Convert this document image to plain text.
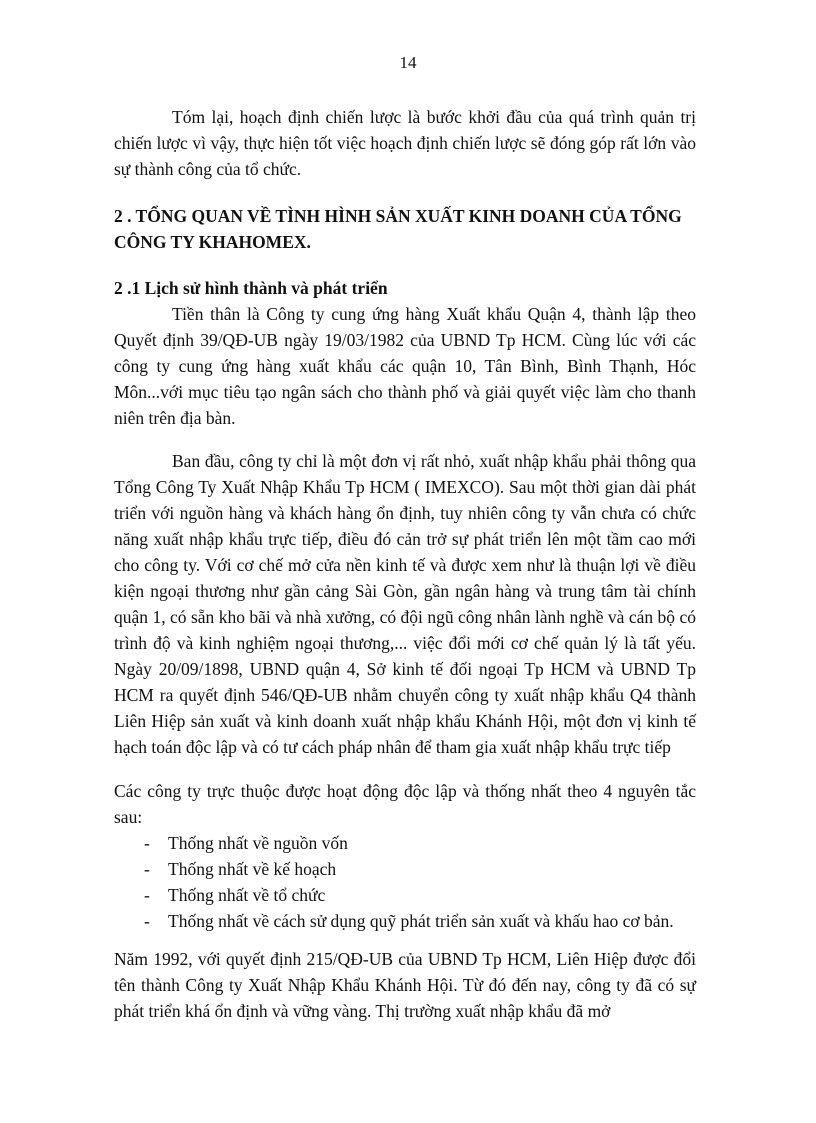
14

Tóm lại, hoạch định chiến lược là bước khởi đầu của quá trình quản trị chiến lược vì vậy, thực hiện tốt việc hoạch định chiến lược sẽ đóng góp rất lớn vào sự thành công của tổ chức.

2 . TỔNG QUAN VỀ TÌNH HÌNH SẢN XUẤT KINH DOANH CỦA TỔNG CÔNG TY KHAHOMEX.

2 .1 Lịch sử hình thành và phát triển

Tiền thân là Công ty cung ứng hàng Xuất khẩu Quận 4, thành lập theo Quyết định 39/QĐ-UB ngày 19/03/1982 của UBND Tp HCM. Cùng lúc với các công ty cung ứng hàng xuất khẩu các quận 10, Tân Bình, Bình Thạnh, Hóc Môn...với mục tiêu tạo ngân sách cho thành phố và giải quyết việc làm cho thanh niên trên địa bàn.

Ban đầu, công ty chỉ là một đơn vị rất nhỏ, xuất nhập khẩu phải thông qua Tổng Công Ty Xuất Nhập Khẩu Tp HCM ( IMEXCO). Sau một thời gian dài phát triển với nguồn hàng và khách hàng ổn định, tuy nhiên công ty vẫn chưa có chức năng xuất nhập khẩu trực tiếp, điều đó cản trở sự phát triển lên một tầm cao mới cho công ty. Với cơ chế mở cửa nền kinh tế và được xem như là thuận lợi về điều kiện ngoại thương như gần cảng Sài Gòn, gần ngân hàng và trung tâm tài chính quận 1, có sẵn kho bãi và nhà xưởng, có đội ngũ công nhân lành nghề và cán bộ có trình độ và kinh nghiệm ngoại thương,... việc đổi mới cơ chế quản lý là tất yếu. Ngày 20/09/1898, UBND quận 4, Sở kinh tế đối ngoại Tp HCM và UBND Tp HCM ra quyết định 546/QĐ-UB nhằm chuyển công ty xuất nhập khẩu Q4 thành Liên Hiệp sản xuất và kinh doanh xuất nhập khẩu Khánh Hội, một đơn vị kinh tế hạch toán độc lập và có tư cách pháp nhân để tham gia xuất nhập khẩu trực tiếp

Các công ty trực thuộc được hoạt động độc lập và thống nhất theo 4 nguyên tắc sau:

- Thống nhất về nguồn vốn
- Thống nhất về kế hoạch
- Thống nhất về tổ chức
- Thống nhất về cách sử dụng quỹ phát triển sản xuất và khấu hao cơ bản.

Năm 1992, với quyết định 215/QĐ-UB của UBND Tp HCM, Liên Hiệp được đổi tên thành Công ty Xuất Nhập Khẩu Khánh Hội. Từ đó đến nay, công ty đã có sự phát triển khá ổn định và vững vàng. Thị trường xuất nhập khẩu đã mở
